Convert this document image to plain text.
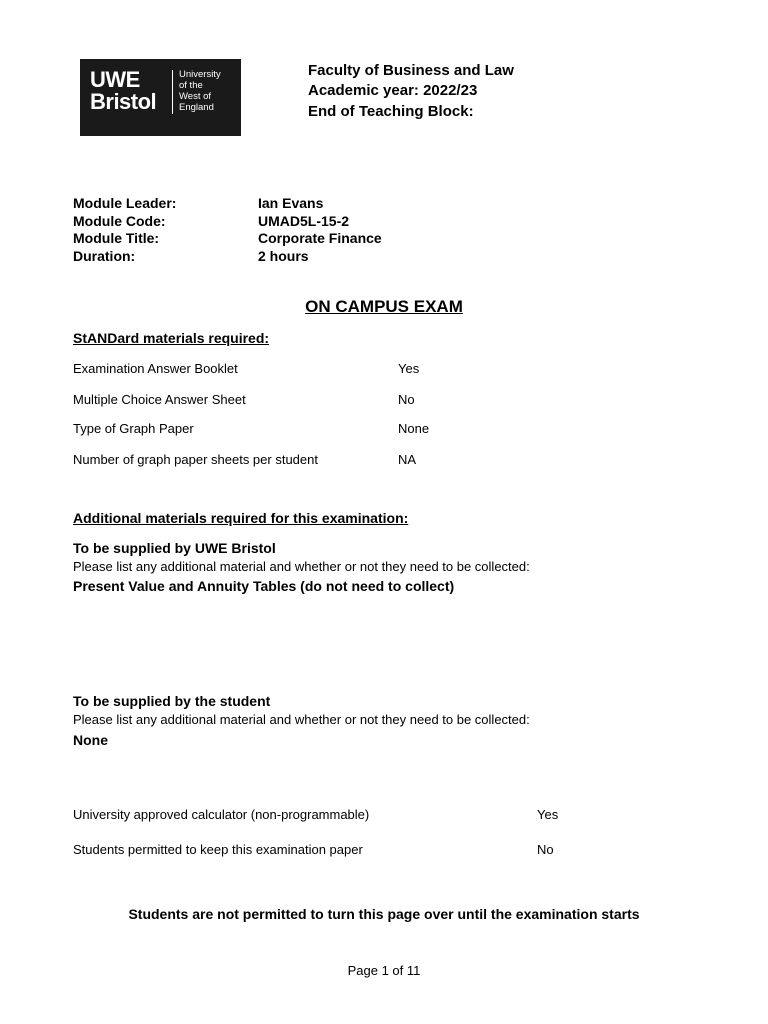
UWE
Bristol
University
of the
West of
England
Faculty of Business and Law
Academic year: 2022/23
End of Teaching Block:
Module Leader:	Ian Evans
Module Code:	UMAD5L-15-2
Module Title:	Corporate Finance
Duration:	2 hours
ON CAMPUS EXAM
StANDard materials required:
Examination Answer Booklet	Yes
Multiple Choice Answer Sheet	No
Type of Graph Paper	None
Number of graph paper sheets per student	NA
Additional materials required for this examination:
To be supplied by UWE Bristol
Please list any additional material and whether or not they need to be collected:
Present Value and Annuity Tables (do not need to collect)
To be supplied by the student
Please list any additional material and whether or not they need to be collected:
None
University approved calculator (non-programmable)	Yes
Students permitted to keep this examination paper	No
Students are not permitted to turn this page over until the examination starts
Page 1 of 11
